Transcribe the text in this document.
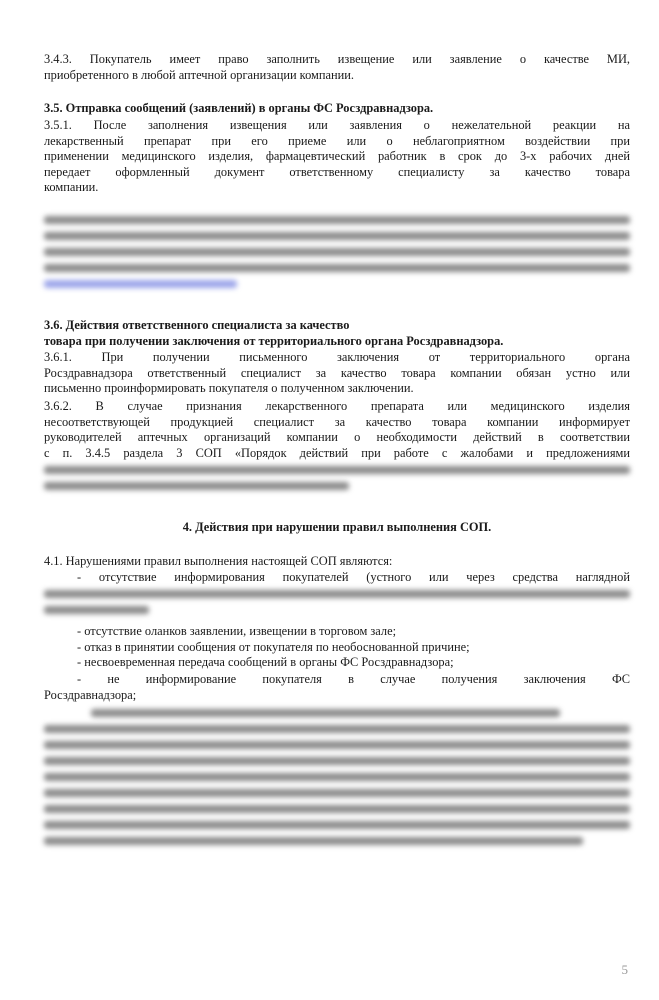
3.4.3. Покупатель имеет право заполнить извещение или заявление о качестве МИ,
приобретенного в любой аптечной организации компании.
3.5. Отправка сообщений (заявлений) в органы ФС Росздравнадзора.
3.5.1. После заполнения извещения или заявления о нежелательной реакции на
лекарственный препарат при его приеме или о неблагоприятном воздействии при
применении медицинского изделия, фармацевтический работник в срок до 3-х рабочих дней
передает оформленный документ ответственному специалисту за качество товара
компании.
3.6. Действия ответственного специалиста за качество
товара при получении заключения от территориального органа Росздравнадзора.
3.6.1. При получении письменного заключения от территориального органа
Росздравнадзора ответственный специалист за качество товара компании обязан устно или
письменно проинформировать покупателя о полученном заключении.
3.6.2. В случае признания лекарственного препарата или медицинского изделия
несоответствующей продукцией специалист за качество товара компании информирует
руководителей аптечных организаций компании о необходимости действий в соответствии
с п. 3.4.5 раздела 3 СОП «Порядок действий при работе с жалобами и предложениями
4. Действия при нарушении правил выполнения СОП.
4.1. Нарушениями правил выполнения настоящей СОП являются:
- отсутствие информирования покупателей (устного или через средства наглядной
- отсутствие оланков заявлении, извещении в торговом зале;
- отказ в принятии сообщения от покупателя по необоснованной причине;
- несвоевременная передача сообщений в органы ФС Росздравнадзора;
- не информирование покупателя в случае получения заключения ФС
Росздравнадзора;
5
